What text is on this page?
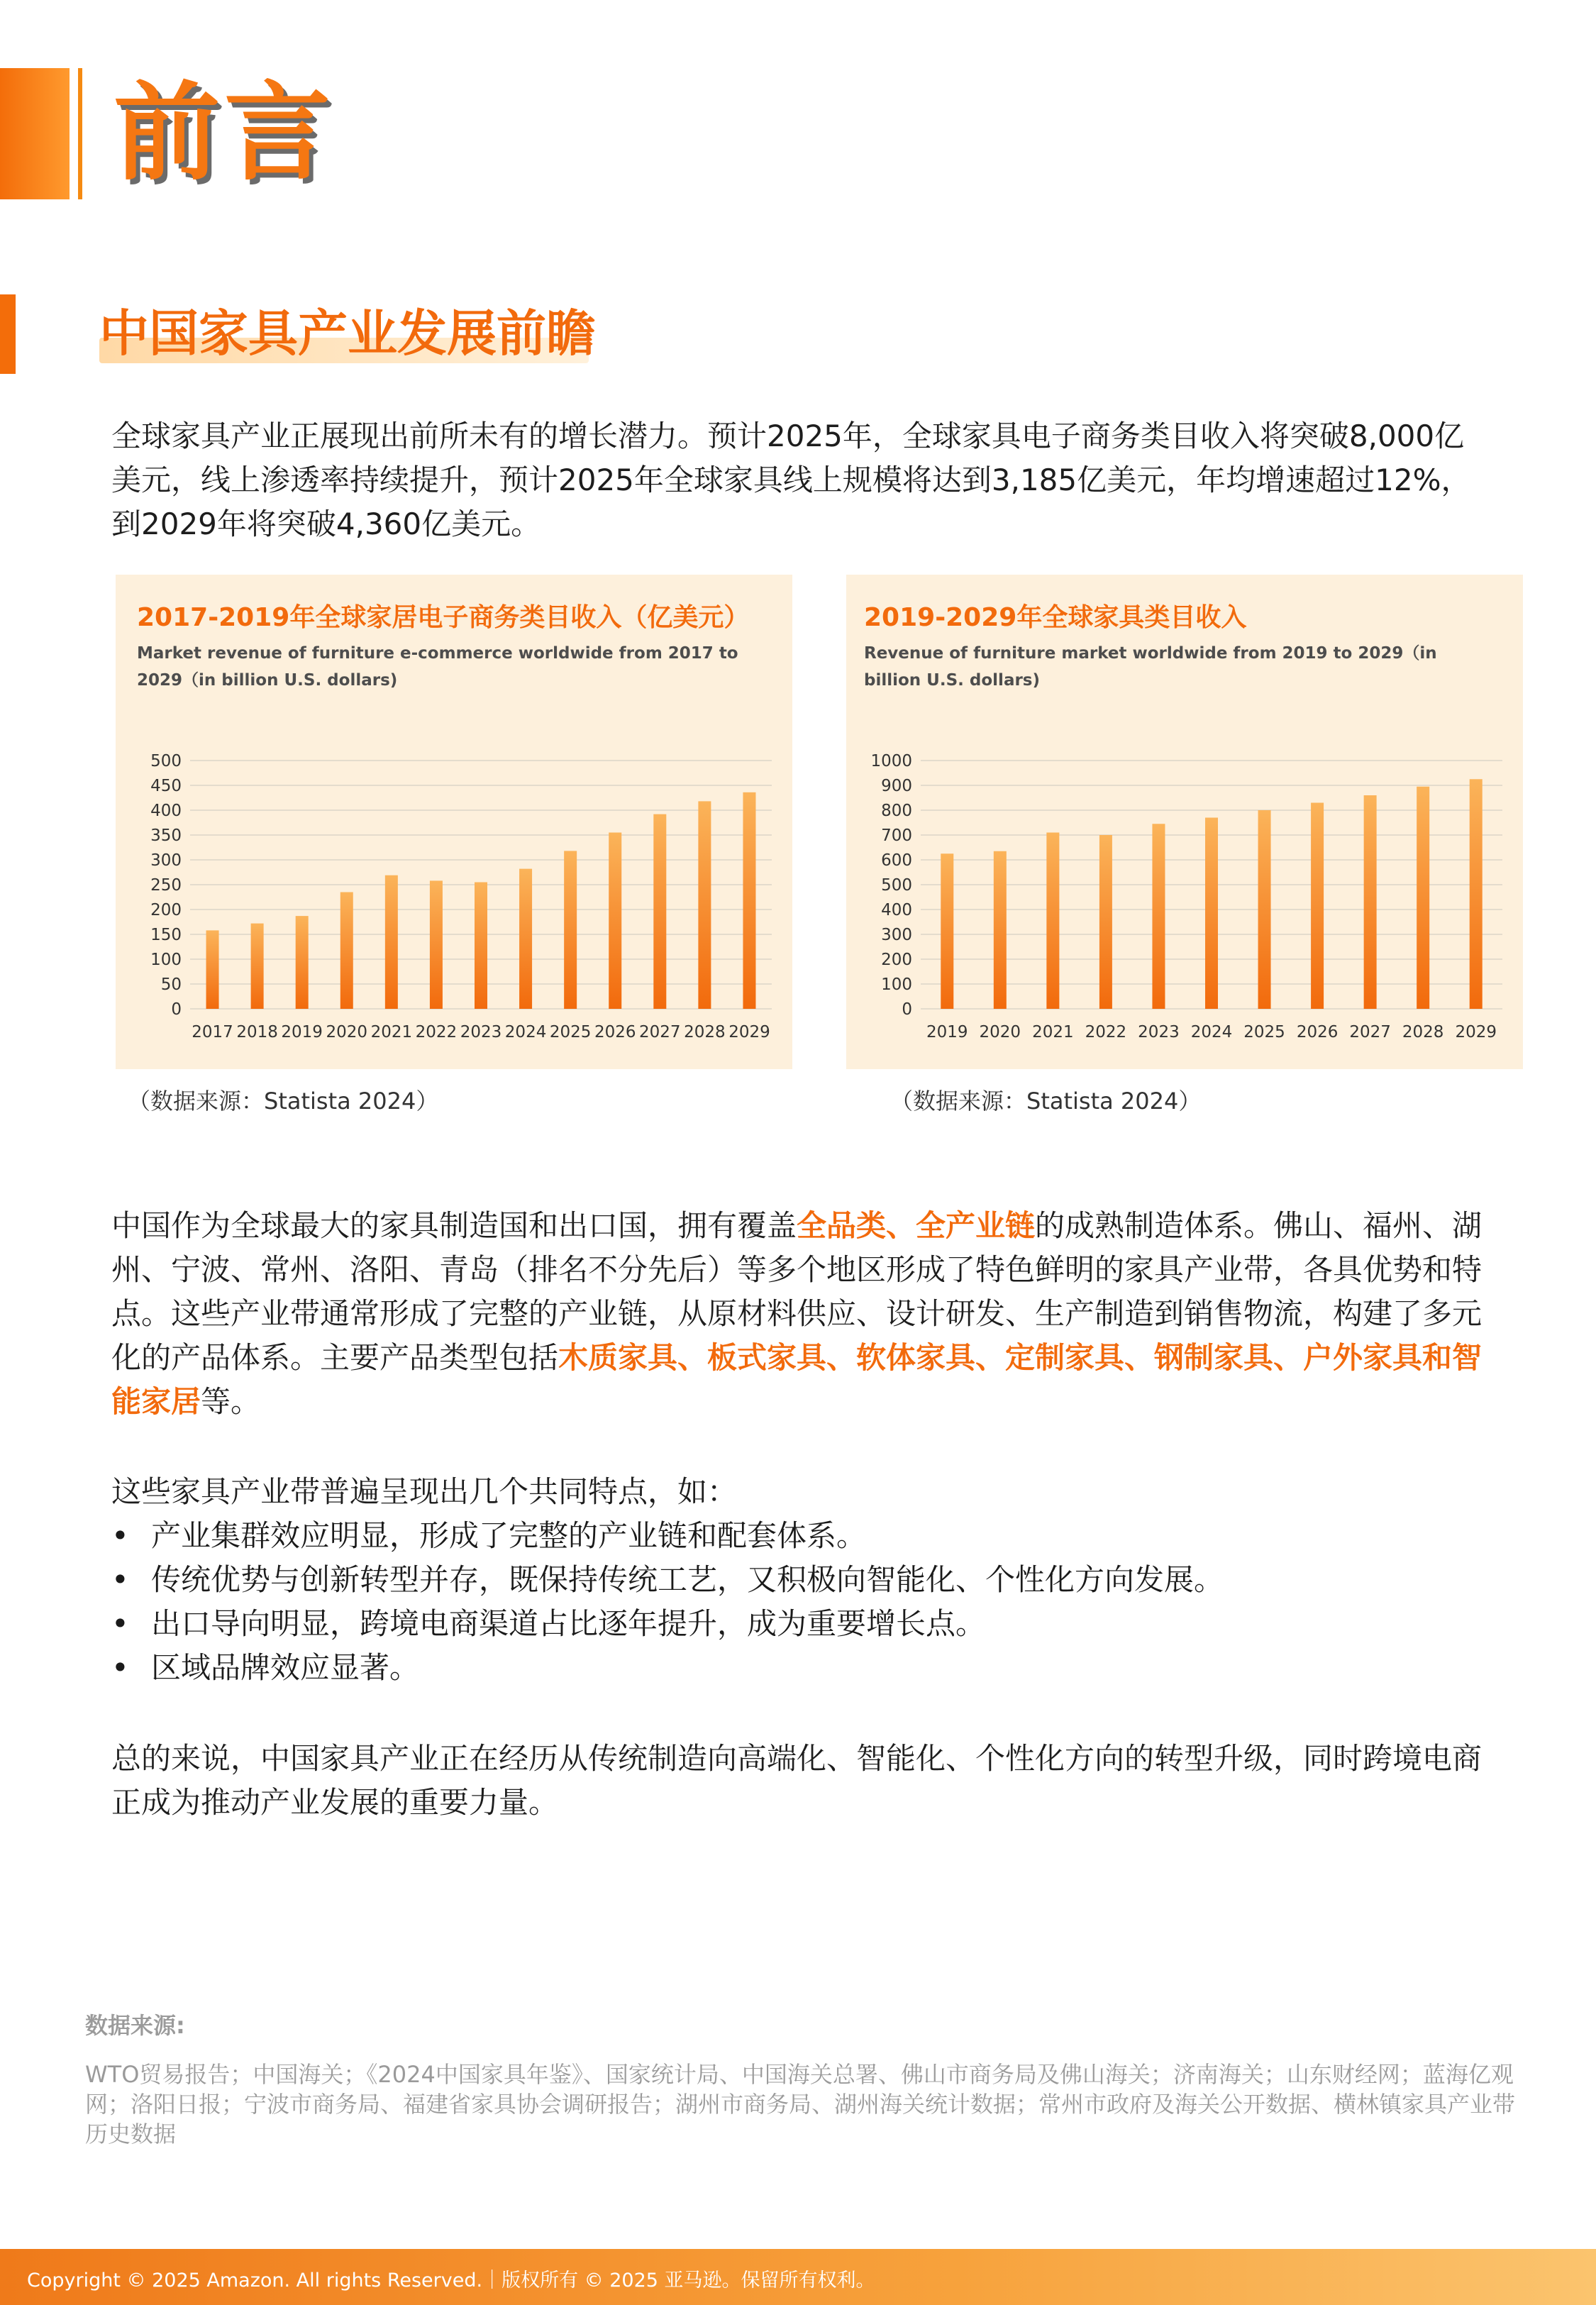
前言
中国家具产业发展前瞻
全球家具产业正展现出前所未有的增长潜力。预计2025年，全球家具电子商务类目收入将突破8,000亿美元，线上渗透率持续提升，预计2025年全球家具线上规模将达到3,185亿美元，年均增速超过12%，到2029年将突破4,360亿美元。
2017-2019年全球家居电子商务类目收入（亿美元）
Market revenue of furniture e-commerce worldwide from 2017 to 2029（in billion U.S. dollars)
0
50
100
150
200
250
300
350
400
450
500
2017 2018 2019 2020 2021 2022 2023 2024 2025 2026 2027 2028 2029
（数据来源：Statista 2024）
2019-2029年全球家具类目收入
Revenue of furniture market worldwide from 2019 to 2029（in billion U.S. dollars)
0
100
200
300
400
500
600
700
800
900
1000
2019 2020 2021 2022 2023 2024 2025 2026 2027 2028 2029
（数据来源：Statista 2024）
中国作为全球最大的家具制造国和出口国，拥有覆盖全品类、全产业链的成熟制造体系。佛山、福州、湖州、宁波、常州、洛阳、青岛（排名不分先后）等多个地区形成了特色鲜明的家具产业带，各具优势和特点。这些产业带通常形成了完整的产业链，从原材料供应、设计研发、生产制造到销售物流，构建了多元化的产品体系。主要产品类型包括木质家具、板式家具、软体家具、定制家具、钢制家具、户外家具和智能家居等。
这些家具产业带普遍呈现出几个共同特点，如：
• 产业集群效应明显，形成了完整的产业链和配套体系。
• 传统优势与创新转型并存，既保持传统工艺，又积极向智能化、个性化方向发展。
• 出口导向明显，跨境电商渠道占比逐年提升，成为重要增长点。
• 区域品牌效应显著。
总的来说，中国家具产业正在经历从传统制造向高端化、智能化、个性化方向的转型升级，同时跨境电商正成为推动产业发展的重要力量。
数据来源:
WTO贸易报告；中国海关；《2024中国家具年鉴》、国家统计局、中国海关总署、佛山市商务局及佛山海关；济南海关；山东财经网；蓝海亿观网；洛阳日报；宁波市商务局、福建省家具协会调研报告；湖州市商务局、湖州海关统计数据；常州市政府及海关公开数据、横林镇家具产业带历史数据
Copyright © 2025 Amazon. All rights Reserved.｜版权所有 © 2025 亚马逊。保留所有权利。
